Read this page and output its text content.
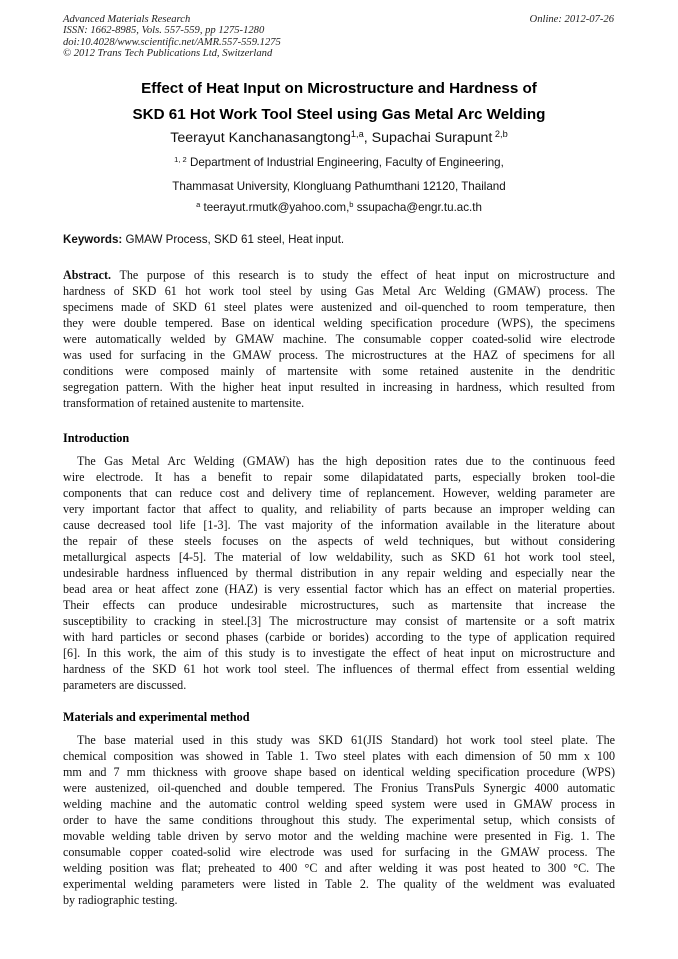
Advanced Materials Research
ISSN: 1662-8985, Vols. 557-559, pp 1275-1280
doi:10.4028/www.scientific.net/AMR.557-559.1275
© 2012 Trans Tech Publications Ltd, Switzerland
Online: 2012-07-26
Effect of Heat Input on Microstructure and Hardness of
SKD 61 Hot Work Tool Steel using Gas Metal Arc Welding
Teerayut Kanchanasangtong$^{1,a}$, Supachai Surapunt $^{2,b}$
$^{1, 2}$ Department of Industrial Engineering, Faculty of Engineering,
Thammasat University, Klongluang Pathumthani 12120, Thailand
$^a$ teerayut.rmutk@yahoo.com,$^b$ ssupacha@engr.tu.ac.th
Keywords: GMAW Process, SKD 61 steel, Heat input.
Abstract. The purpose of this research is to study the effect of heat input on microstructure and
hardness of SKD 61 hot work tool steel by using Gas Metal Arc Welding (GMAW) process. The
specimens made of SKD 61 steel plates were austenized and oil-quenched to room temperature, then
they were double tempered. Base on identical welding specification procedure (WPS), the specimens
were automatically welded by GMAW machine. The consumable copper coated-solid wire electrode
was used for surfacing in the GMAW process. The microstructures at the HAZ of specimens for all
conditions were composed mainly of martensite with some retained austenite in the dendritic
segregation pattern. With the higher heat input resulted in increasing in hardness, which resulted from
transformation of retained austenite to martensite.
Introduction
The Gas Metal Arc Welding (GMAW) has the high deposition rates due to the continuous feed
wire electrode. It has a benefit to repair some dilapidatated parts, especially broken tool-die
components that can reduce cost and delivery time of replancement. However, welding parameter are
very important factor that affect to quality, and reliability of parts because an improper welding can
cause decreased tool life [1-3]. The vast majority of the information available in the literature about
the repair of these steels focuses on the aspects of weld techniques, but without considering
metallurgical aspects [4-5]. The material of low weldability, such as SKD 61 hot work tool steel,
undesirable hardness influenced by thermal distribution in any repair welding and especially near the
bead area or heat affect zone (HAZ) is very essential factor which has an effect on material properties.
Their effects can produce undesirable microstructures, such as martensite that increase the
susceptibility to cracking in steel.[3] The microstructure may consist of martensite or a soft matrix
with hard particles or second phases (carbide or borides) according to the type of application required
[6]. In this work, the aim of this study is to investigate the effect of heat input on microstructure and
hardness of the SKD 61 hot work tool steel. The influences of thermal effect from essential welding
parameters are discussed.
Materials and experimental method
The base material used in this study was SKD 61(JIS Standard) hot work tool steel plate. The
chemical composition was showed in Table 1. Two steel plates with each dimension of 50 mm x 100
mm and 7 mm thickness with groove shape based on identical welding specification procedure (WPS)
were austenized, oil-quenched and double tempered. The Fronius TransPuls Synergic 4000 automatic
welding machine and the automatic control welding speed system were used in GMAW process in
order to have the same conditions throughout this study. The experimental setup, which consists of
movable welding table driven by servo motor and the welding machine were presented in Fig. 1. The
consumable copper coated-solid wire electrode was used for surfacing in the GMAW process. The
welding position was flat; preheated to 400 °C and after welding it was post heated to 300 °C. The
experimental welding parameters were listed in Table 2. The quality of the weldment was evaluated
by radiographic testing.
